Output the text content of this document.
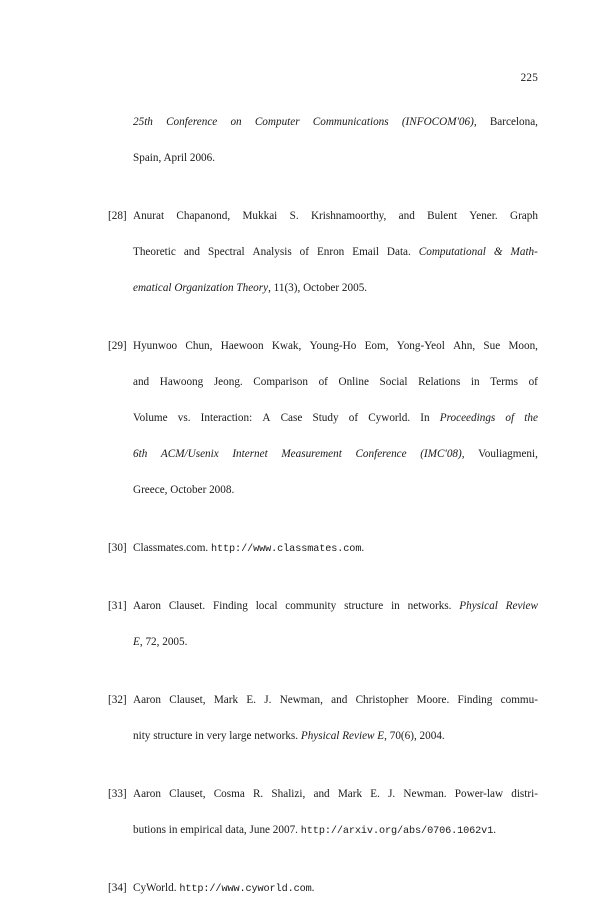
225
25th Conference on Computer Communications (INFOCOM'06), Barcelona,
Spain, April 2006.
[28] Anurat Chapanond, Mukkai S. Krishnamoorthy, and Bulent Yener. Graph
Theoretic and Spectral Analysis of Enron Email Data. Computational & Math-
ematical Organization Theory, 11(3), October 2005.
[29] Hyunwoo Chun, Haewoon Kwak, Young-Ho Eom, Yong-Yeol Ahn, Sue Moon,
and Hawoong Jeong. Comparison of Online Social Relations in Terms of
Volume vs. Interaction: A Case Study of Cyworld. In Proceedings of the
6th ACM/Usenix Internet Measurement Conference (IMC'08), Vouliagmeni,
Greece, October 2008.
[30] Classmates.com. http://www.classmates.com.
[31] Aaron Clauset. Finding local community structure in networks. Physical Review
E, 72, 2005.
[32] Aaron Clauset, Mark E. J. Newman, and Christopher Moore. Finding commu-
nity structure in very large networks. Physical Review E, 70(6), 2004.
[33] Aaron Clauset, Cosma R. Shalizi, and Mark E. J. Newman. Power-law distri-
butions in empirical data, June 2007. http://arxiv.org/abs/0706.1062v1.
[34] CyWorld. http://www.cyworld.com.
